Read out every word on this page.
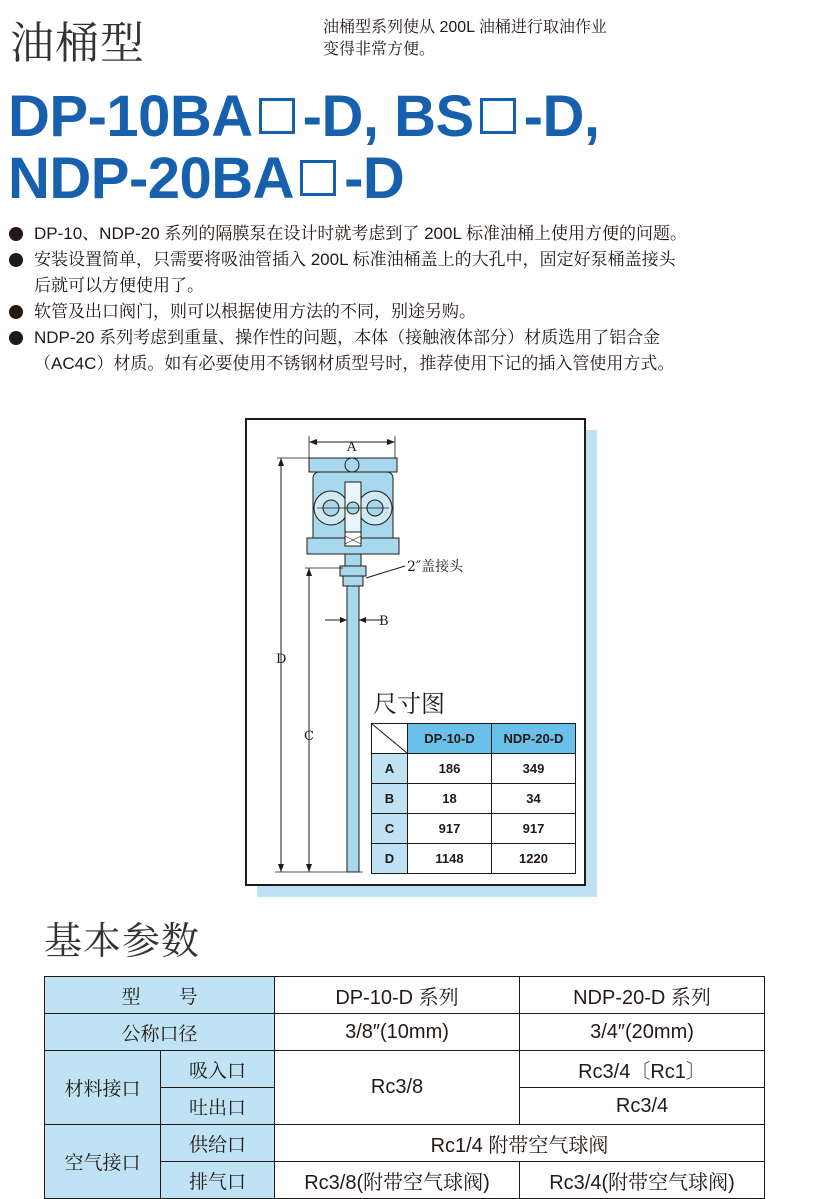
油桶型	油桶型系列使从 200L 油桶进行取油作业
变得非常方便。
DP-10BA -D, BS -D,
NDP-20BA -D
DP-10、NDP-20 系列的隔膜泵在设计时就考虑到了 200L 标准油桶上使用方便的问题。
安装设置简单，只需要将吸油管插入 200L 标准油桶盖上的大孔中，固定好泵桶盖接头
后就可以方便使用了。
软管及出口阀门，则可以根据使用方法的不同，别途另购。
NDP-20 系列考虑到重量、操作性的问题，本体（接触液体部分）材质选用了铝合金
（AC4C）材质。如有必要使用不锈钢材质型号时，推荐使用下记的插入管使用方式。
A
2″盖接头
B
D
C
尺寸图
	DP-10-D	NDP-20-D
A	186	349
B	18	34
C	917	917
D	1148	1220
基本参数
型　　号		DP-10-D 系列	NDP-20-D 系列
公称口径		3/8″(10mm)	3/4″(20mm)
材料接口	吸入口	Rc3/8	Rc3/4〔Rc1〕
	吐出口		Rc3/4
空气接口	供给口	Rc1/4 附带空气球阀	
	排气口	Rc3/8(附带空气球阀)	Rc3/4(附带空气球阀)
